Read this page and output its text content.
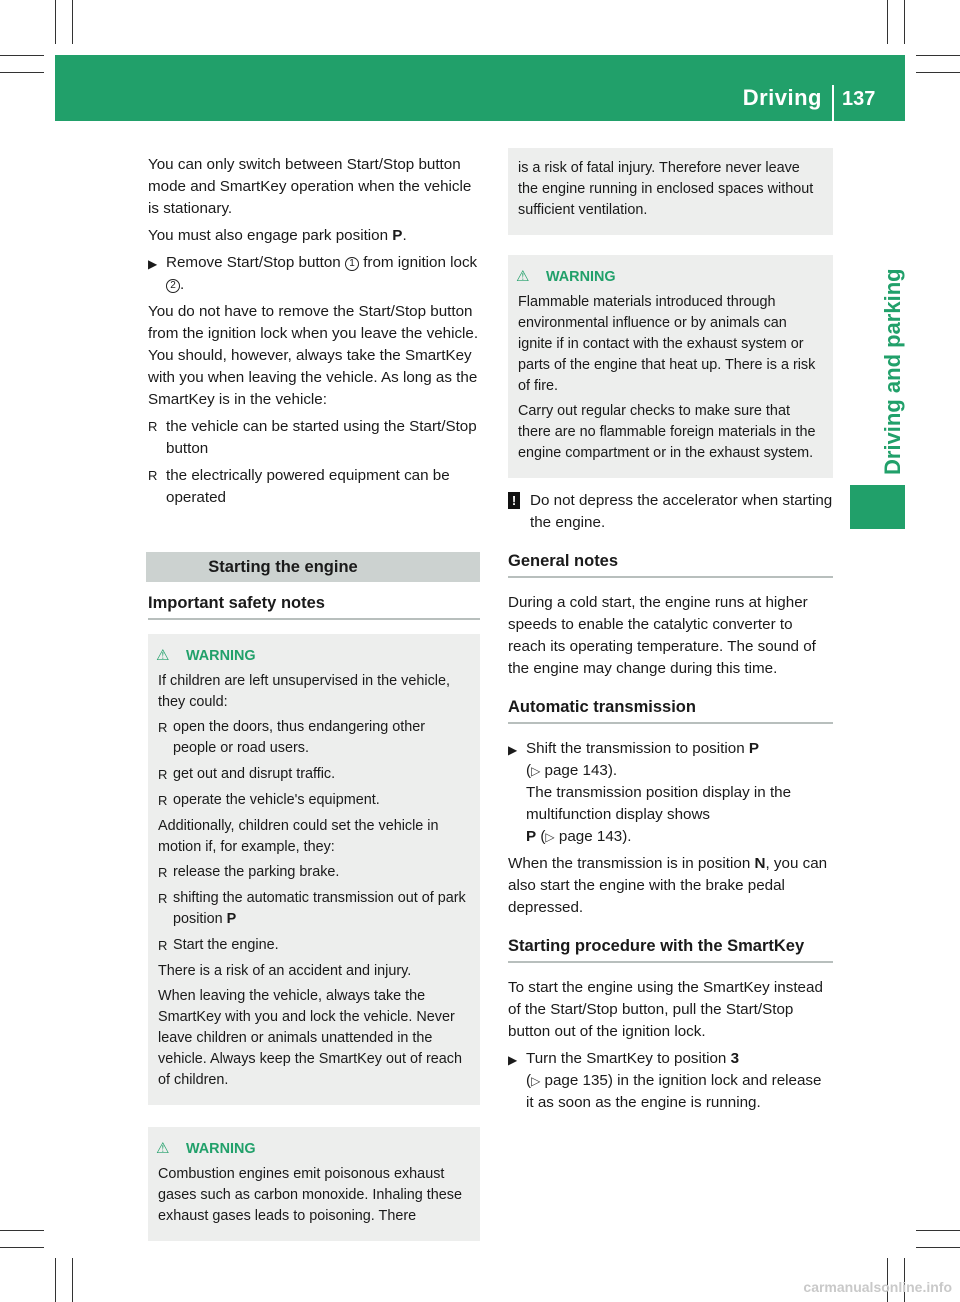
Driving 137
Driving and parking

You can only switch between Start/Stop button mode and SmartKey operation when the vehicle is stationary.

You must also engage park position P.

▶ Remove Start/Stop button 1 from ignition lock 2 .

You do not have to remove the Start/Stop button from the ignition lock when you leave the vehicle. You should, however, always take the SmartKey with you when leaving the vehicle. As long as the SmartKey is in the vehicle:

R the vehicle can be started using the Start/Stop button
R the electrically powered equipment can be operated
Starting the engine
Important safety notes
⚠ WARNING

If children are left unsupervised in the vehicle, they could:

R open the doors, thus endangering other people or road users.
R get out and disrupt traffic.
R operate the vehicle's equipment.

Additionally, children could set the vehicle in motion if, for example, they:

R release the parking brake.
R shifting the automatic transmission out of park position P
R Start the engine.

There is a risk of an accident and injury.

When leaving the vehicle, always take the SmartKey with you and lock the vehicle. Never leave children or animals unattended in the vehicle. Always keep the SmartKey out of reach of children.

⚠ WARNING

Combustion engines emit poisonous exhaust gases such as carbon monoxide. Inhaling these exhaust gases leads to poisoning. There

is a risk of fatal injury. Therefore never leave the engine running in enclosed spaces without sufficient ventilation.

⚠ WARNING

Flammable materials introduced through environmental influence or by animals can ignite if in contact with the exhaust system or parts of the engine that heat up. There is a risk of fire.

Carry out regular checks to make sure that there are no flammable foreign materials in the engine compartment or in the exhaust system.

! Do not depress the accelerator when starting the engine.
General notes

During a cold start, the engine runs at higher speeds to enable the catalytic converter to reach its operating temperature. The sound of the engine may change during this time.

Automatic transmission
▶ Shift the transmission to position P
(▷ page 143).
The transmission position display in the multifunction display shows
P (▷ page 143).

When the transmission is in position N, you can also start the engine with the brake pedal depressed.

Starting procedure with the SmartKey

To start the engine using the SmartKey instead of the Start/Stop button, pull the Start/Stop button out of the ignition lock.

▶ Turn the SmartKey to position 3
(▷ page 135) in the ignition lock and release it as soon as the engine is running.
carmanualsonline.info
